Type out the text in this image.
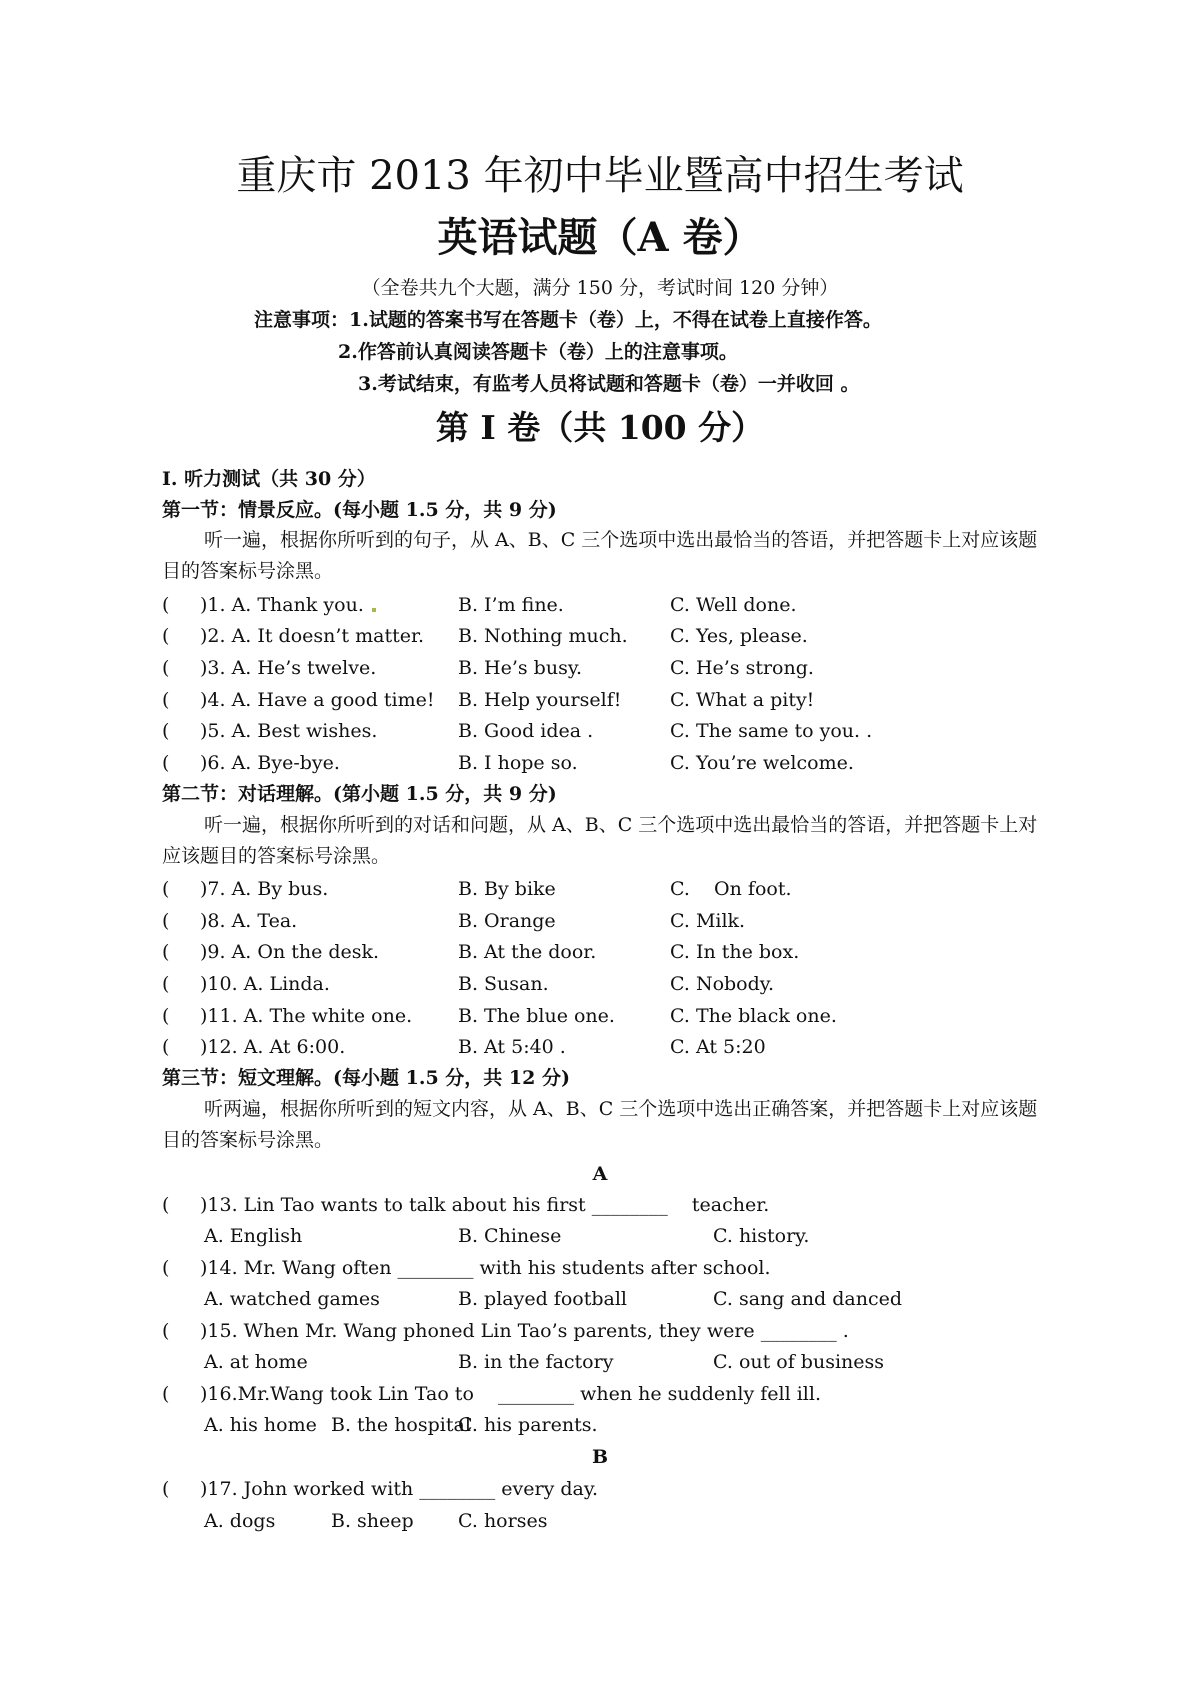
重庆市 2013 年初中毕业暨高中招生考试
英语试题（A 卷）
（全卷共九个大题，满分 150 分，考试时间 120 分钟）
注意事项：1.试题的答案书写在答题卡（卷）上，不得在试卷上直接作答。
2.作答前认真阅读答题卡（卷）上的注意事项。
3.考试结束，有监考人员将试题和答题卡（卷）一并收回 。
第 I 卷（共 100 分）
I. 听力测试（共 30 分）
第一节：情景反应。(每小题 1.5 分，共 9 分)
听一遍，根据你所听到的句子，从 A、B、C 三个选项中选出最恰当的答语，并把答题卡上对应该题目的答案标号涂黑。
( )1. A. Thank you.	B. I’m fine.	C. Well done.
( )2. A. It doesn’t matter. B. Nothing much. C. Yes, please.
( )3. A. He’s twelve.	B. He’s busy.	C. He’s strong.
( )4. A. Have a good time! B. Help yourself!	C. What a pity!
( )5. A. Best wishes.	B. Good idea .	C. The same to you. .
( )6. A. Bye-bye.	B. I hope so.	C. You’re welcome.
第二节：对话理解。(第小题 1.5 分，共 9 分)
听一遍，根据你所听到的对话和问题，从 A、B、C 三个选项中选出最恰当的答语，并把答题卡上对应该题目的答案标号涂黑。
( )7. A. By bus.	B. By bike	C.    On foot.
( )8. A. Tea.	B. Orange	C. Milk.
( )9. A. On the desk.	B. At the door.	C. In the box.
( )10. A. Linda.	B. Susan.	C. Nobody.
( )11. A. The white one. B. The blue one.	C. The black one.
( )12. A. At 6:00.	B. At 5:40 .	C. At 5:20
第三节：短文理解。(每小题 1.5 分，共 12 分)
听两遍，根据你所听到的短文内容，从 A、B、C 三个选项中选出正确答案，并把答题卡上对应该题目的答案标号涂黑。
A
( )13. Lin Tao wants to talk about his first ________    teacher.
A. English	B. Chinese	C. history.
( )14. Mr. Wang often ________ with his students after school.
A. watched games	B. played football	C. sang and danced
( )15. When Mr. Wang phoned Lin Tao’s parents, they were ________ .
A. at home	B. in the factory	C. out of business
( )16.Mr.Wang took Lin Tao to    ________ when he suddenly fell ill.
A. his home B. the hospital
C. his parents.
B
( )17. John worked with ________ every day.
A. dogs	B. sheep C. horses
